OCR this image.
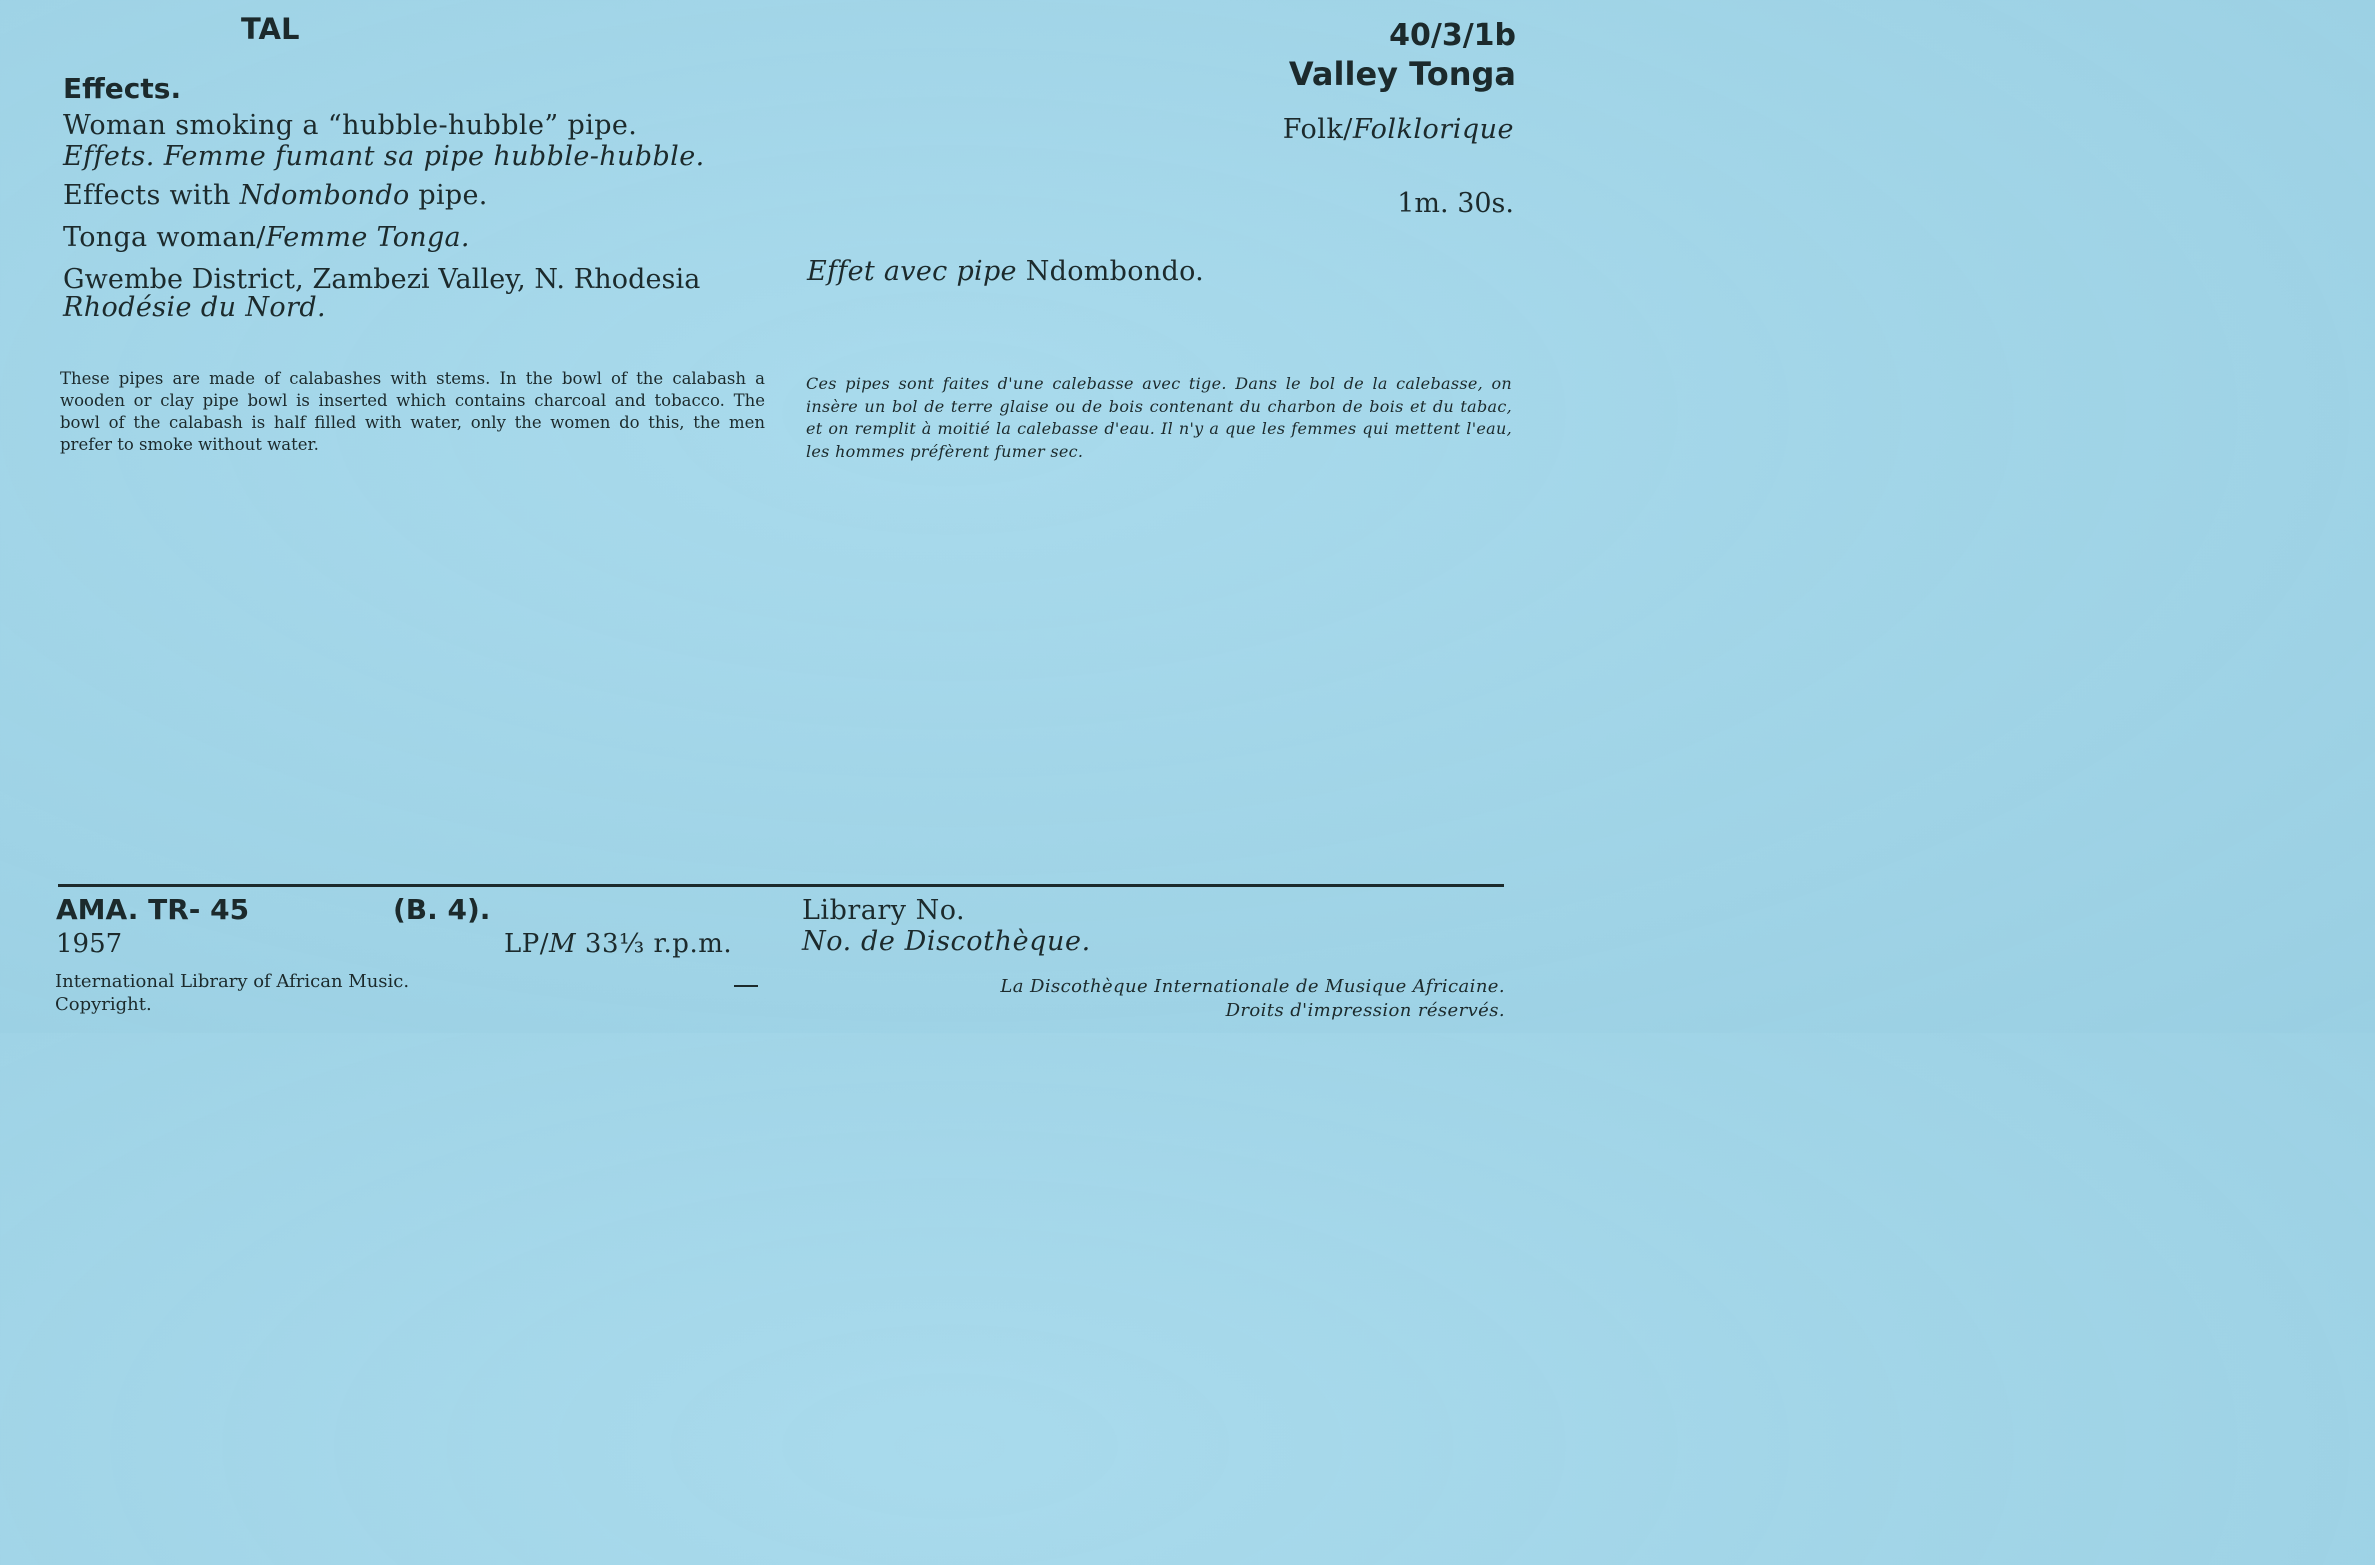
TAL	40/3/1b
Valley Tonga
Folk/Folklorique
1m. 30s.
Effects.
Woman smoking a “hubble-hubble” pipe.
Effets. Femme fumant sa pipe hubble-hubble.
Effects with Ndombondo pipe.
Tonga woman/Femme Tonga.
Gwembe District, Zambezi Valley, N. Rhodesia
Rhodésie du Nord.
Effet avec pipe Ndombondo.
These pipes are made of calabashes with stems. In the bowl of the calabash a wooden or clay pipe bowl is inserted which contains charcoal and tobacco. The bowl of the calabash is half filled with water, only the women do this, the men prefer to smoke without water.
Ces pipes sont faites d'une calebasse avec tige. Dans le bol de la calebasse, on insère un bol de terre glaise ou de bois contenant du charbon de bois et du tabac, et on remplit à moitié la calebasse d'eau. Il n'y a que les femmes qui mettent l'eau, les hommes préfèrent fumer sec.
AMA. TR- 45	(B. 4).
1957	LP/M 33⅓ r.p.m.
Library No.
No. de Discothèque.
International Library of African Music.
Copyright.
La Discothèque Internationale de Musique Africaine.
Droits d'impression réservés.
